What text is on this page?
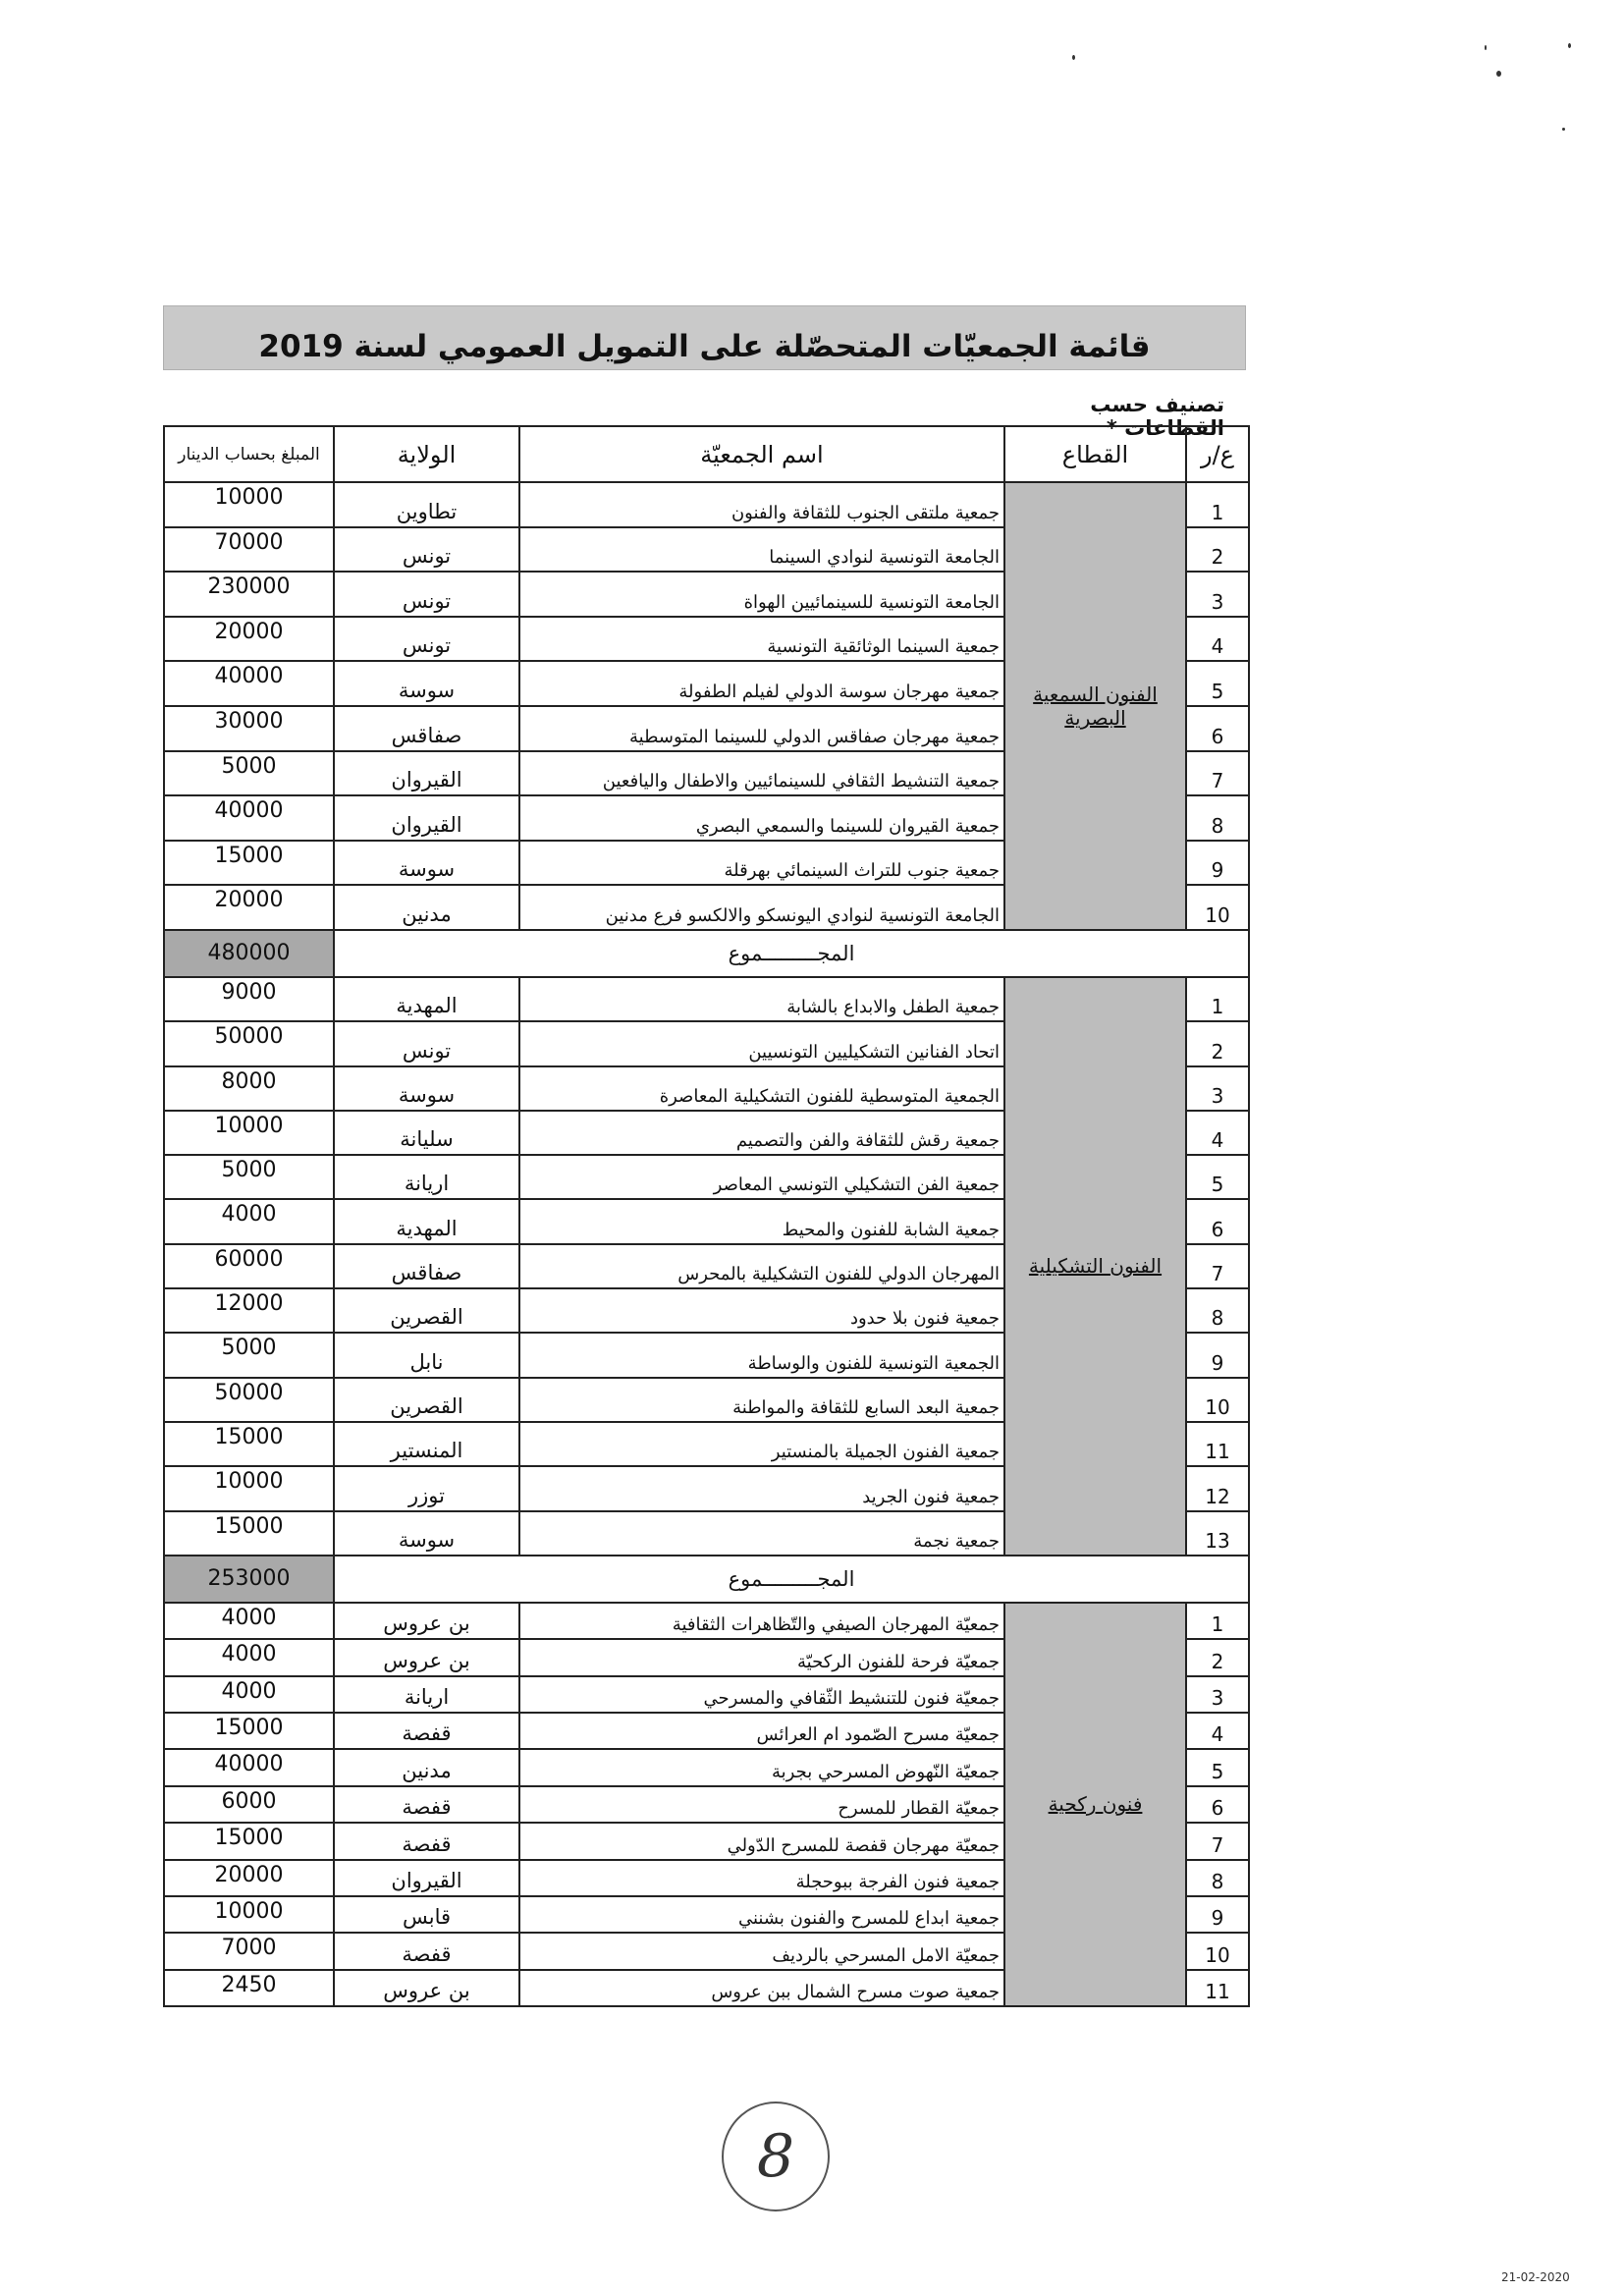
قائمة الجمعيّات المتحصّلة على التمويل العمومي لسنة 2019
تصنيف حسب القطاعات *
ع/ر	القطاع	اسم الجمعيّة	الولاية	المبلغ بحساب الدينار
1	الفنون السمعية البصرية	جمعية ملتقى الجنوب للثقافة والفنون	تطاوين	10000
2		الجامعة التونسية لنوادي السينما	تونس	70000
3		الجامعة التونسية للسينمائيين الهواة	تونس	230000
4		جمعية السينما الوثائقية التونسية	تونس	20000
5		جمعية مهرجان سوسة الدولي لفيلم الطفولة	سوسة	40000
6		جمعية مهرجان صفاقس الدولي للسينما المتوسطية	صفاقس	30000
7		جمعية التنشيط الثقافي للسينمائيين والاطفال واليافعين	القيروان	5000
8		جمعية القيروان للسينما والسمعي البصري	القيروان	40000
9		جمعية جنوب للتراث السينمائي بهرقلة	سوسة	15000
10		الجامعة التونسية لنوادي اليونسكو والالكسو فرع مدنين	مدنين	20000
المجـــــــــموع				480000
1	الفنون التشكيلية	جمعية الطفل والابداع بالشابة	المهدية	9000
2		اتحاد الفنانين التشكيليين التونسيين	تونس	50000
3		الجمعية المتوسطية للفنون التشكيلية المعاصرة	سوسة	8000
4		جمعية رقش للثقافة والفن والتصميم	سليانة	10000
5		جمعية الفن التشكيلي التونسي المعاصر	اريانة	5000
6		جمعية الشابة للفنون والمحيط	المهدية	4000
7		المهرجان الدولي للفنون التشكيلية بالمحرس	صفاقس	60000
8		جمعية فنون بلا حدود	القصرين	12000
9		الجمعية التونسية للفنون والوساطة	نابل	5000
10		جمعية البعد السابع للثقافة والمواطنة	القصرين	50000
11		جمعية الفنون الجميلة بالمنستير	المنستير	15000
12		جمعية فنون الجريد	توزر	10000
13		جمعية نجمة	سوسة	15000
المجـــــــــموع				253000
1	فنون ركحية	جمعيّة المهرجان الصيفي والتّظاهرات الثقافية	بن عروس	4000
2		جمعيّة فرحة للفنون الركحيّة	بن عروس	4000
3		جمعيّة فنون للتنشيط الثّقافي والمسرحي	اريانة	4000
4		جمعيّة مسرح الصّمود ام العرائس	قفصة	15000
5		جمعيّة النّهوض المسرحي بجربة	مدنين	40000
6		جمعيّة القطار للمسرح	قفصة	6000
7		جمعيّة مهرجان قفصة للمسرح الدّولي	قفصة	15000
8		جمعية فنون الفرجة ببوحجلة	القيروان	20000
9		جمعية ابداع للمسرح والفنون بشنني	قابس	10000
10		جمعيّة الامل المسرحي بالرديف	قفصة	7000
11		جمعية صوت مسرح الشمال ببن عروس	بن عروس	2450
8
21-02-2020
